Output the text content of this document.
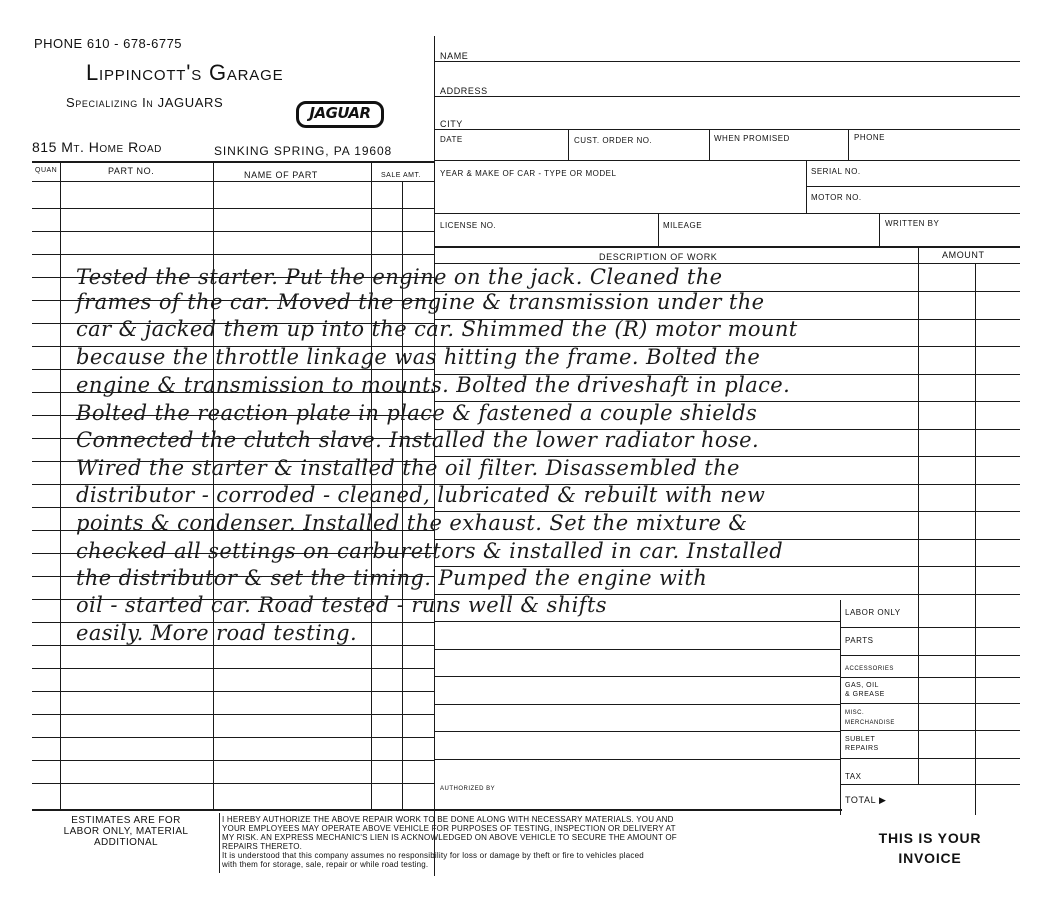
PHONE 610 - 678-6775
Lippincott's Garage
Specializing In JAGUARS
JAGUAR
815 Mt. Home Road	SINKING SPRING, PA 19608
QUAN	PART NO.	NAME OF PART	SALE AMT.
NAME
ADDRESS
CITY
DATE	CUST. ORDER NO.	WHEN PROMISED	PHONE
YEAR & MAKE OF CAR - TYPE OR MODEL	SERIAL NO.
MOTOR NO.
LICENSE NO.	MILEAGE	WRITTEN BY
DESCRIPTION OF WORK	AMOUNT
Tested the starter. Put the engine on the jack. Cleaned the
frames of the car. Moved the engine & transmission under the
car & jacked them up into the car. Shimmed the (R) motor mount
because the throttle linkage was hitting the frame. Bolted the
engine & transmission to mounts. Bolted the driveshaft in place.
Bolted the reaction plate in place & fastened a couple shields
Connected the clutch slave. Installed the lower radiator hose.
Wired the starter & installed the oil filter. Disassembled the
distributor - corroded - cleaned, lubricated & rebuilt with new
points & condenser. Installed the exhaust. Set the mixture &
checked all settings on carburettors & installed in car. Installed
the distributor & set the timing. Pumped the engine with
oil - started car. Road tested - runs well & shifts
easily. More road testing.
LABOR ONLY
PARTS
ACCESSORIES
GAS, OIL
& GREASE
MISC.
MERCHANDISE
SUBLET
REPAIRS
TAX
TOTAL ▶
AUTHORIZED BY
ESTIMATES ARE FOR
LABOR ONLY, MATERIAL
ADDITIONAL
I HEREBY AUTHORIZE THE ABOVE REPAIR WORK TO BE DONE ALONG WITH NECESSARY MATERIALS. YOU AND
YOUR EMPLOYEES MAY OPERATE ABOVE VEHICLE FOR PURPOSES OF TESTING, INSPECTION OR DELIVERY AT
MY RISK. AN EXPRESS MECHANIC'S LIEN IS ACKNOWLEDGED ON ABOVE VEHICLE TO SECURE THE AMOUNT OF
REPAIRS THERETO.
It is understood that this company assumes no responsibility for loss or damage by theft or fire to vehicles placed
with them for storage, sale, repair or while road testing.
THIS IS YOUR
INVOICE
